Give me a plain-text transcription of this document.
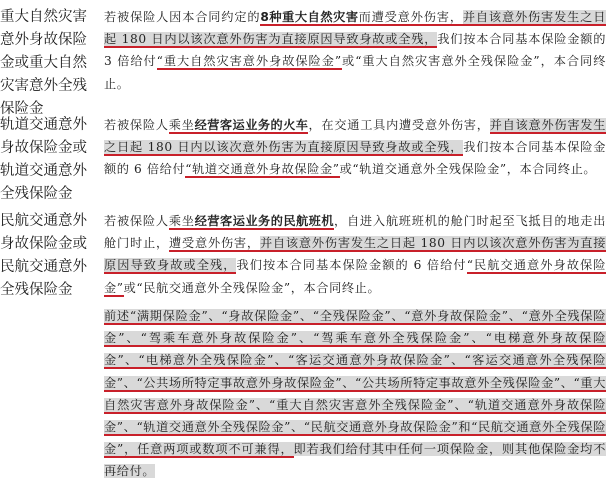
重大自然灾害
意外身故保险
金或重大自然
灾害意外全残
保险金

若被保险人因本合同约定的8种重大自然灾害而遭受意外伤害，并自该意外伤害发生之日起 180 日内以该次意外伤害为直接原因导致身故或全残，我们按本合同基本保险金额的 3 倍给付“重大自然灾害意外身故保险金”或“重大自然灾害意外全残保险金”，本合同终止。

轨道交通意外
身故保险金或
轨道交通意外
全残保险金

若被保险人乘坐经营客运业务的火车，在交通工具内遭受意外伤害，并自该意外伤害发生之日起 180 日内以该次意外伤害为直接原因导致身故或全残，我们按本合同基本保险金额的 6 倍给付“轨道交通意外身故保险金”或“轨道交通意外全残保险金”，本合同终止。

民航交通意外
身故保险金或
民航交通意外
全残保险金

若被保险人乘坐经营客运业务的民航班机，自进入航班班机的舱门时起至飞抵目的地走出舱门时止，遭受意外伤害，并自该意外伤害发生之日起 180 日内以该次意外伤害为直接原因导致身故或全残，我们按本合同基本保险金额的 6 倍给付“民航交通意外身故保险金”或“民航交通意外全残保险金”，本合同终止。

前述“满期保险金”、“身故保险金”、“全残保险金”、“意外身故保险金”、“意外全残保险金”、“驾乘车意外身故保险金”、“驾乘车意外全残保险金”、“电梯意外身故保险金”、“电梯意外全残保险金”、“客运交通意外身故保险金”、“客运交通意外全残保险金”、“公共场所特定事故意外身故保险金”、“公共场所特定事故意外全残保险金”、“重大自然灾害意外身故保险金”、“重大自然灾害意外全残保险金”、“轨道交通意外身故保险金”、“轨道交通意外全残保险金”、“民航交通意外身故保险金”和“民航交通意外全残保险金”，任意两项或数项不可兼得，即若我们给付其中任何一项保险金，则其他保险金均不再给付。
